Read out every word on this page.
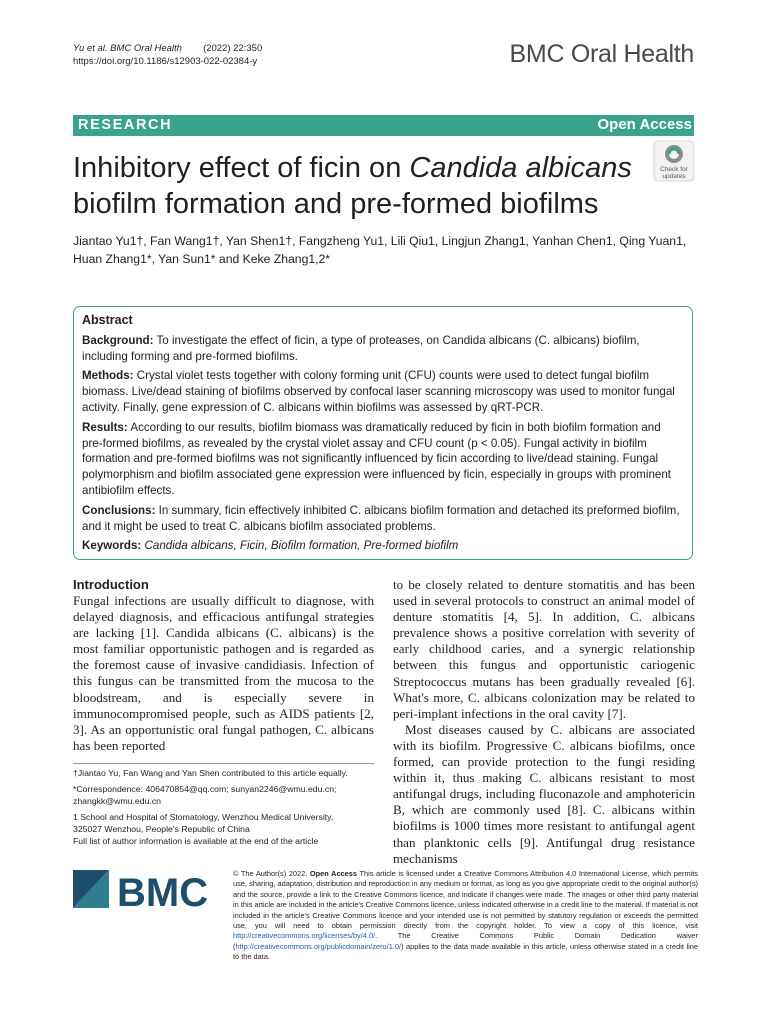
Yu et al. BMC Oral Health        (2022) 22:350
https://doi.org/10.1186/s12903-022-02384-y	BMC Oral Health
RESEARCH	Open Access
Check for
updates
Inhibitory effect of ficin on Candida albicans biofilm formation and pre-formed biofilms
Jiantao Yu1†, Fan Wang1†, Yan Shen1†, Fangzheng Yu1, Lili Qiu1, Lingjun Zhang1, Yanhan Chen1, Qing Yuan1,
Huan Zhang1*, Yan Sun1* and Keke Zhang1,2*

Abstract

Background: To investigate the effect of ficin, a type of proteases, on Candida albicans (C. albicans) biofilm, including forming and pre-formed biofilms.

Methods: Crystal violet tests together with colony forming unit (CFU) counts were used to detect fungal biofilm biomass. Live/dead staining of biofilms observed by confocal laser scanning microscopy was used to monitor fungal activity. Finally, gene expression of C. albicans within biofilms was assessed by qRT-PCR.

Results: According to our results, biofilm biomass was dramatically reduced by ficin in both biofilm formation and pre-formed biofilms, as revealed by the crystal violet assay and CFU count (p < 0.05). Fungal activity in biofilm formation and pre-formed biofilms was not significantly influenced by ficin according to live/dead staining. Fungal polymorphism and biofilm associated gene expression were influenced by ficin, especially in groups with prominent antibiofilm effects.

Conclusions: In summary, ficin effectively inhibited C. albicans biofilm formation and detached its preformed biofilm, and it might be used to treat C. albicans biofilm associated problems.

Keywords: Candida albicans, Ficin, Biofilm formation, Pre-formed biofilm

Introduction

Fungal infections are usually difficult to diagnose, with delayed diagnosis, and efficacious antifungal strategies are lacking [1]. Candida albicans (C. albicans) is the most familiar opportunistic pathogen and is regarded as the foremost cause of invasive candidiasis. Infection of this fungus can be transmitted from the mucosa to the bloodstream, and is especially severe in immunocompromised people, such as AIDS patients [2, 3]. As an opportunistic oral fungal pathogen, C. albicans has been reported

to be closely related to denture stomatitis and has been used in several protocols to construct an animal model of denture stomatitis [4, 5]. In addition, C. albicans prevalence shows a positive correlation with severity of early childhood caries, and a synergic relationship between this fungus and opportunistic cariogenic Streptococcus mutans has been gradually revealed [6]. What's more, C. albicans colonization may be related to peri-implant infections in the oral cavity [7].

Most diseases caused by C. albicans are associated with its biofilm. Progressive C. albicans biofilms, once formed, can provide protection to the fungi residing within it, thus making C. albicans resistant to most antifungal drugs, including fluconazole and amphotericin B, which are commonly used [8]. C. albicans within biofilms is 1000 times more resistant to antifungal agent than planktonic cells [9]. Antifungal drug resistance mechanisms

†Jiantao Yu, Fan Wang and Yan Shen contributed to this article equally.

*Correspondence: 406470854@qq.com; sunyan2246@wmu.edu.cn;

zhangkk@wmu.edu.cn

1 School and Hospital of Stomatology, Wenzhou Medical University,

325027 Wenzhou, People's Republic of China

Full list of author information is available at the end of the article

BMC	© The Author(s) 2022. Open Access This article is licensed under a Creative Commons Attribution 4.0 International License, which permits use, sharing, adaptation, distribution and reproduction in any medium or format, as long as you give appropriate credit to the original author(s) and the source, provide a link to the Creative Commons licence, and indicate if changes were made. The images or other third party material in this article are included in the article's Creative Commons licence, unless indicated otherwise in a credit line to the material. If material is not included in the article's Creative Commons licence and your intended use is not permitted by statutory regulation or exceeds the permitted use, you will need to obtain permission directly from the copyright holder. To view a copy of this licence, visit http://creativecommons.org/licenses/by/4.0/. The Creative Commons Public Domain Dedication waiver (http://creativecommons.org/publicdomain/zero/1.0/) applies to the data made available in this article, unless otherwise stated in a credit line to the data.
